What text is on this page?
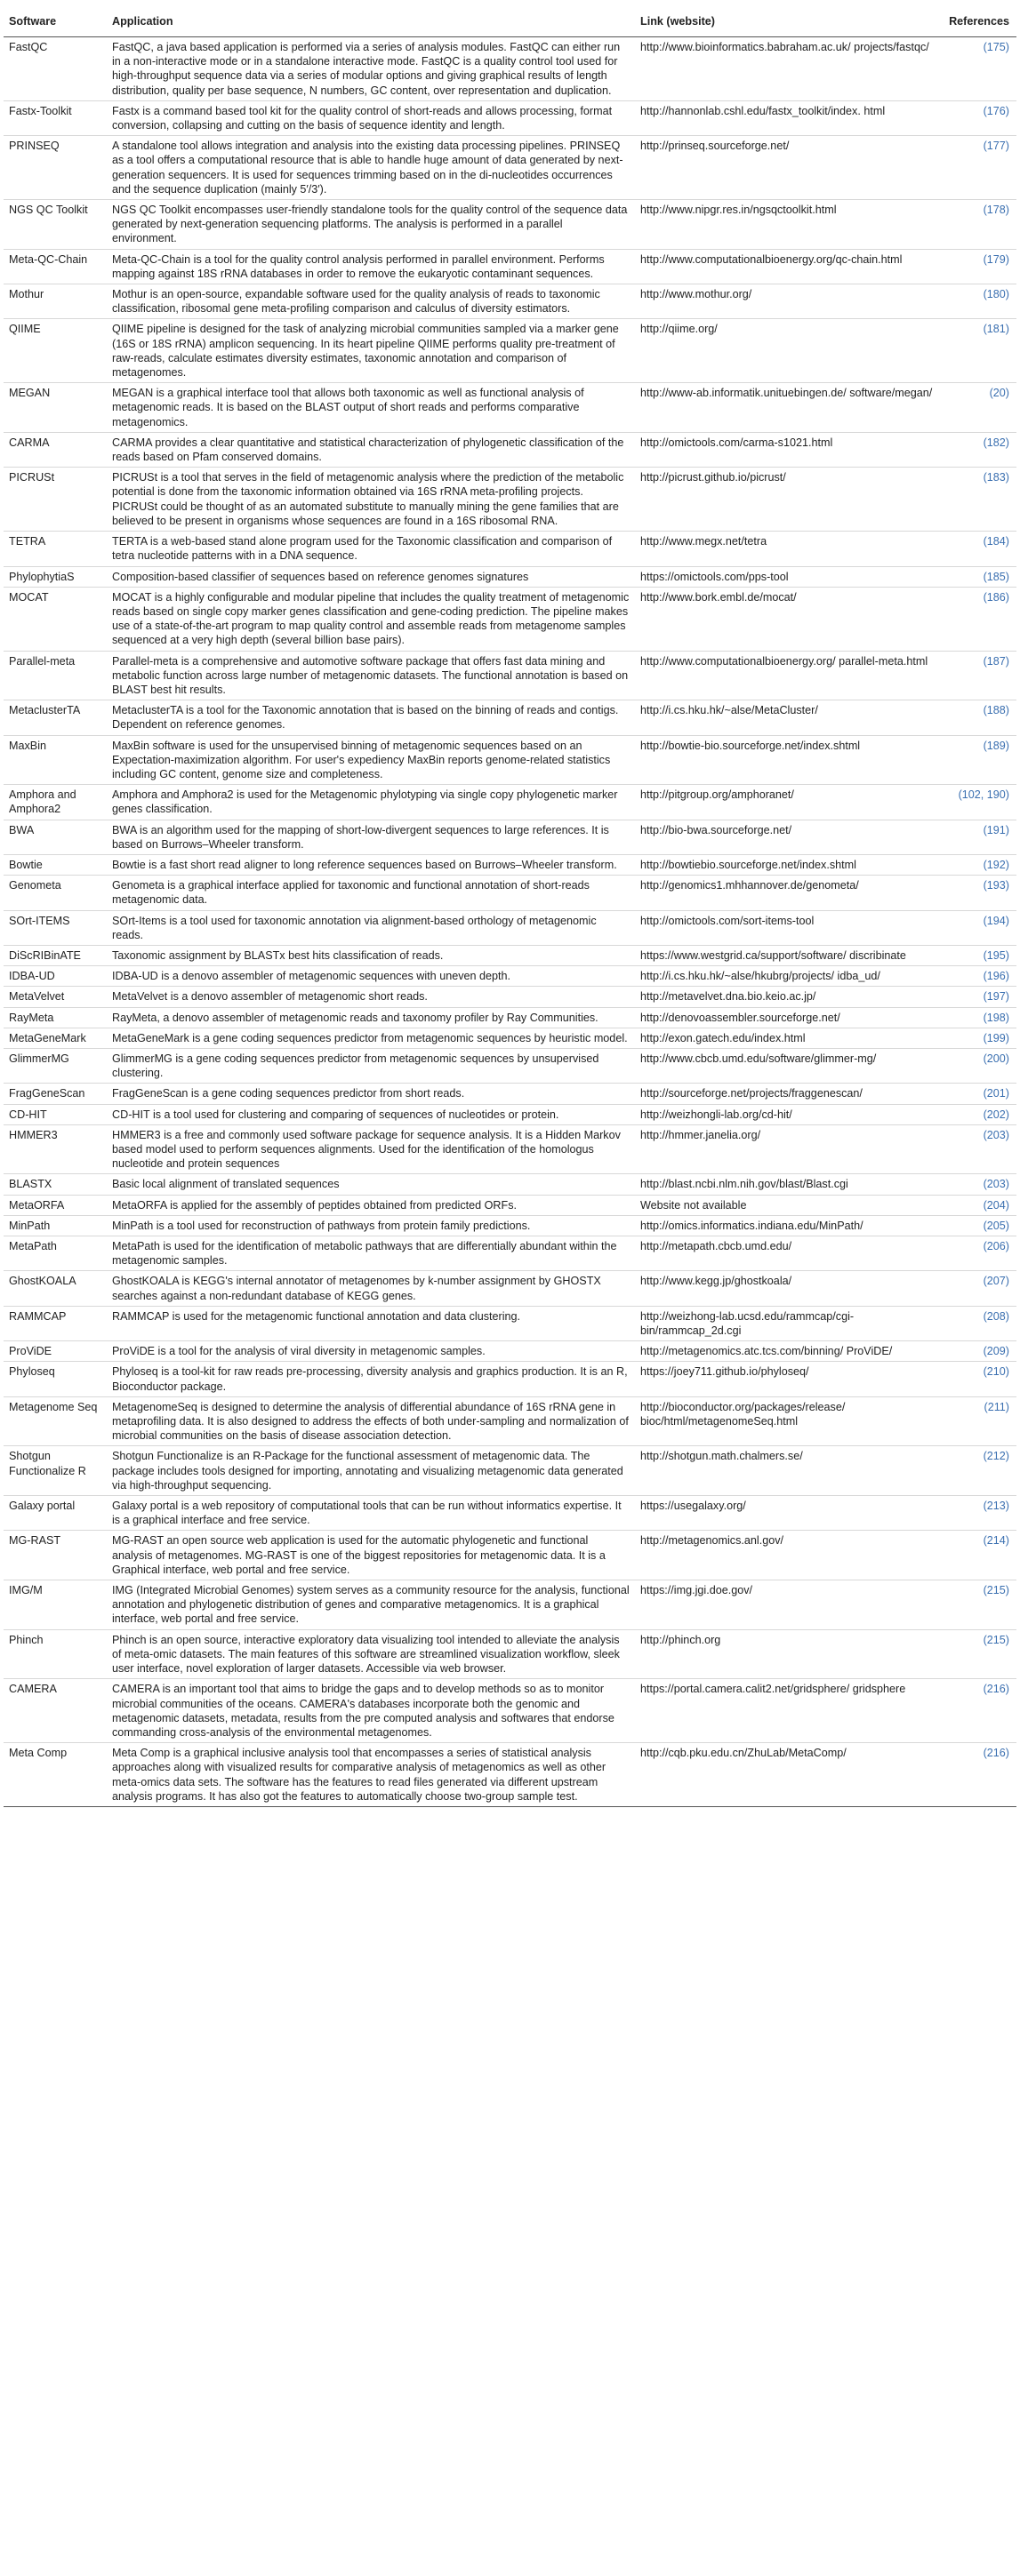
Software	Application	Link (website)	References
FastQC	FastQC, a java based application is performed via a series of analysis modules. FastQC can either run in a non-interactive mode or in a standalone interactive mode. FastQC is a quality control tool used for high-throughput sequence data via a series of modular options and giving graphical results of length distribution, quality per base sequence, N numbers, GC content, over representation and duplication.	http://www.bioinformatics.babraham.ac.uk/ projects/fastqc/	(175)
Fastx-Toolkit	Fastx is a command based tool kit for the quality control of short-reads and allows processing, format conversion, collapsing and cutting on the basis of sequence identity and length.	http://hannonlab.cshl.edu/fastx_toolkit/index. html	(176)
PRINSEQ	A standalone tool allows integration and analysis into the existing data processing pipelines. PRINSEQ as a tool offers a computational resource that is able to handle huge amount of data generated by next-generation sequencers. It is used for sequences trimming based on in the di-nucleotides occurrences and the sequence duplication (mainly 5′/3′).	http://prinseq.sourceforge.net/	(177)
NGS QC Toolkit	NGS QC Toolkit encompasses user-friendly standalone tools for the quality control of the sequence data generated by next-generation sequencing platforms. The analysis is performed in a parallel environment.	http://www.nipgr.res.in/ngsqctoolkit.html	(178)
Meta-QC-Chain	Meta-QC-Chain is a tool for the quality control analysis performed in parallel environment. Performs mapping against 18S rRNA databases in order to remove the eukaryotic contaminant sequences.	http://www.computationalbioenergy.org/qc-chain.html	(179)
Mothur	Mothur is an open-source, expandable software used for the quality analysis of reads to taxonomic classification, ribosomal gene meta-profiling comparison and calculus of diversity estimators.	http://www.mothur.org/	(180)
QIIME	QIIME pipeline is designed for the task of analyzing microbial communities sampled via a marker gene (16S or 18S rRNA) amplicon sequencing. In its heart pipeline QIIME performs quality pre-treatment of raw-reads, calculate estimates diversity estimates, taxonomic annotation and comparison of metagenomes.	http://qiime.org/	(181)
MEGAN	MEGAN is a graphical interface tool that allows both taxonomic as well as functional analysis of metagenomic reads. It is based on the BLAST output of short reads and performs comparative metagenomics.	http://www-ab.informatik.unituebingen.de/ software/megan/	(20)
CARMA	CARMA provides a clear quantitative and statistical characterization of phylogenetic classification of the reads based on Pfam conserved domains.	http://omictools.com/carma-s1021.html	(182)
PICRUSt	PICRUSt is a tool that serves in the field of metagenomic analysis where the prediction of the metabolic potential is done from the taxonomic information obtained via 16S rRNA meta-profiling projects. PICRUSt could be thought of as an automated substitute to manually mining the gene families that are believed to be present in organisms whose sequences are found in a 16S ribosomal RNA.	http://picrust.github.io/picrust/	(183)
TETRA	TERTA is a web-based stand alone program used for the Taxonomic classification and comparison of tetra nucleotide patterns with in a DNA sequence.	http://www.megx.net/tetra	(184)
PhylophytiaS	Composition-based classifier of sequences based on reference genomes signatures	https://omictools.com/pps-tool	(185)
MOCAT	MOCAT is a highly configurable and modular pipeline that includes the quality treatment of metagenomic reads based on single copy marker genes classification and gene-coding prediction. The pipeline makes use of a state-of-the-art program to map quality control and assemble reads from metagenome samples sequenced at a very high depth (several billion base pairs).	http://www.bork.embl.de/mocat/	(186)
Parallel-meta	Parallel-meta is a comprehensive and automotive software package that offers fast data mining and metabolic function across large number of metagenomic datasets. The functional annotation is based on BLAST best hit results.	http://www.computationalbioenergy.org/ parallel-meta.html	(187)
MetaclusterTA	MetaclusterTA is a tool for the Taxonomic annotation that is based on the binning of reads and contigs. Dependent on reference genomes.	http://i.cs.hku.hk/~alse/MetaCluster/	(188)
MaxBin	MaxBin software is used for the unsupervised binning of metagenomic sequences based on an Expectation-maximization algorithm. For user's expediency MaxBin reports genome-related statistics including GC content, genome size and completeness.	http://bowtie-bio.sourceforge.net/index.shtml	(189)
Amphora and Amphora2	Amphora and Amphora2 is used for the Metagenomic phylotyping via single copy phylogenetic marker genes classification.	http://pitgroup.org/amphoranet/	(102, 190)
BWA	BWA is an algorithm used for the mapping of short-low-divergent sequences to large references. It is based on Burrows–Wheeler transform.	http://bio-bwa.sourceforge.net/	(191)
Bowtie	Bowtie is a fast short read aligner to long reference sequences based on Burrows–Wheeler transform.	http://bowtiebio.sourceforge.net/index.shtml	(192)
Genometa	Genometa is a graphical interface applied for taxonomic and functional annotation of short-reads metagenomic data.	http://genomics1.mhhannover.de/genometa/	(193)
SOrt-ITEMS	SOrt-Items is a tool used for taxonomic annotation via alignment-based orthology of metagenomic reads.	http://omictools.com/sort-items-tool	(194)
DiScRIBinATE	Taxonomic assignment by BLASTx best hits classification of reads.	https://www.westgrid.ca/support/software/ discribinate	(195)
IDBA-UD	IDBA-UD is a denovo assembler of metagenomic sequences with uneven depth.	http://i.cs.hku.hk/~alse/hkubrg/projects/ idba_ud/	(196)
MetaVelvet	MetaVelvet is a denovo assembler of metagenomic short reads.	http://metavelvet.dna.bio.keio.ac.jp/	(197)
RayMeta	RayMeta, a denovo assembler of metagenomic reads and taxonomy profiler by Ray Communities.	http://denovoassembler.sourceforge.net/	(198)
MetaGeneMark	MetaGeneMark is a gene coding sequences predictor from metagenomic sequences by heuristic model.	http://exon.gatech.edu/index.html	(199)
GlimmerMG	GlimmerMG is a gene coding sequences predictor from metagenomic sequences by unsupervised clustering.	http://www.cbcb.umd.edu/software/glimmer-mg/	(200)
FragGeneScan	FragGeneScan is a gene coding sequences predictor from short reads.	http://sourceforge.net/projects/fraggenescan/	(201)
CD-HIT	CD-HIT is a tool used for clustering and comparing of sequences of nucleotides or protein.	http://weizhongli-lab.org/cd-hit/	(202)
HMMER3	HMMER3 is a free and commonly used software package for sequence analysis. It is a Hidden Markov based model used to perform sequences alignments. Used for the identification of the homologus nucleotide and protein sequences	http://hmmer.janelia.org/	(203)
BLASTX	Basic local alignment of translated sequences	http://blast.ncbi.nlm.nih.gov/blast/Blast.cgi	(203)
MetaORFA	MetaORFA is applied for the assembly of peptides obtained from predicted ORFs.	Website not available	(204)
MinPath	MinPath is a tool used for reconstruction of pathways from protein family predictions.	http://omics.informatics.indiana.edu/MinPath/	(205)
MetaPath	MetaPath is used for the identification of metabolic pathways that are differentially abundant within the metagenomic samples.	http://metapath.cbcb.umd.edu/	(206)
GhostKOALA	GhostKOALA is KEGG's internal annotator of metagenomes by k-number assignment by GHOSTX searches against a non-redundant database of KEGG genes.	http://www.kegg.jp/ghostkoala/	(207)
RAMMCAP	RAMMCAP is used for the metagenomic functional annotation and data clustering.	http://weizhong-lab.ucsd.edu/rammcap/cgi-bin/rammcap_2d.cgi	(208)
ProViDE	ProViDE is a tool for the analysis of viral diversity in metagenomic samples.	http://metagenomics.atc.tcs.com/binning/ ProViDE/	(209)
Phyloseq	Phyloseq is a tool-kit for raw reads pre-processing, diversity analysis and graphics production. It is an R, Bioconductor package.	https://joey711.github.io/phyloseq/	(210)
Metagenome Seq	MetagenomeSeq is designed to determine the analysis of differential abundance of 16S rRNA gene in metaprofiling data. It is also designed to address the effects of both under-sampling and normalization of microbial communities on the basis of disease association detection.	http://bioconductor.org/packages/release/ bioc/html/metagenomeSeq.html	(211)
Shotgun Functionalize R	Shotgun Functionalize is an R-Package for the functional assessment of metagenomic data. The package includes tools designed for importing, annotating and visualizing metagenomic data generated via high-throughput sequencing.	http://shotgun.math.chalmers.se/	(212)
Galaxy portal	Galaxy portal is a web repository of computational tools that can be run without informatics expertise. It is a graphical interface and free service.	https://usegalaxy.org/	(213)
MG-RAST	MG-RAST an open source web application is used for the automatic phylogenetic and functional analysis of metagenomes. MG-RAST is one of the biggest repositories for metagenomic data. It is a Graphical interface, web portal and free service.	http://metagenomics.anl.gov/	(214)
IMG/M	IMG (Integrated Microbial Genomes) system serves as a community resource for the analysis, functional annotation and phylogenetic distribution of genes and comparative metagenomics. It is a graphical interface, web portal and free service.	https://img.jgi.doe.gov/	(215)
Phinch	Phinch is an open source, interactive exploratory data visualizing tool intended to alleviate the analysis of meta-omic datasets. The main features of this software are streamlined visualization workflow, sleek user interface, novel exploration of larger datasets. Accessible via web browser.	http://phinch.org	(215)
CAMERA	CAMERA is an important tool that aims to bridge the gaps and to develop methods so as to monitor microbial communities of the oceans. CAMERA's databases incorporate both the genomic and metagenomic datasets, metadata, results from the pre computed analysis and softwares that endorse commanding cross-analysis of the environmental metagenomes.	https://portal.camera.calit2.net/gridsphere/ gridsphere	(216)
Meta Comp	Meta Comp is a graphical inclusive analysis tool that encompasses a series of statistical analysis approaches along with visualized results for comparative analysis of metagenomics as well as other meta-omics data sets. The software has the features to read files generated via different upstream analysis programs. It has also got the features to automatically choose two-group sample test.	http://cqb.pku.edu.cn/ZhuLab/MetaComp/	(216)
